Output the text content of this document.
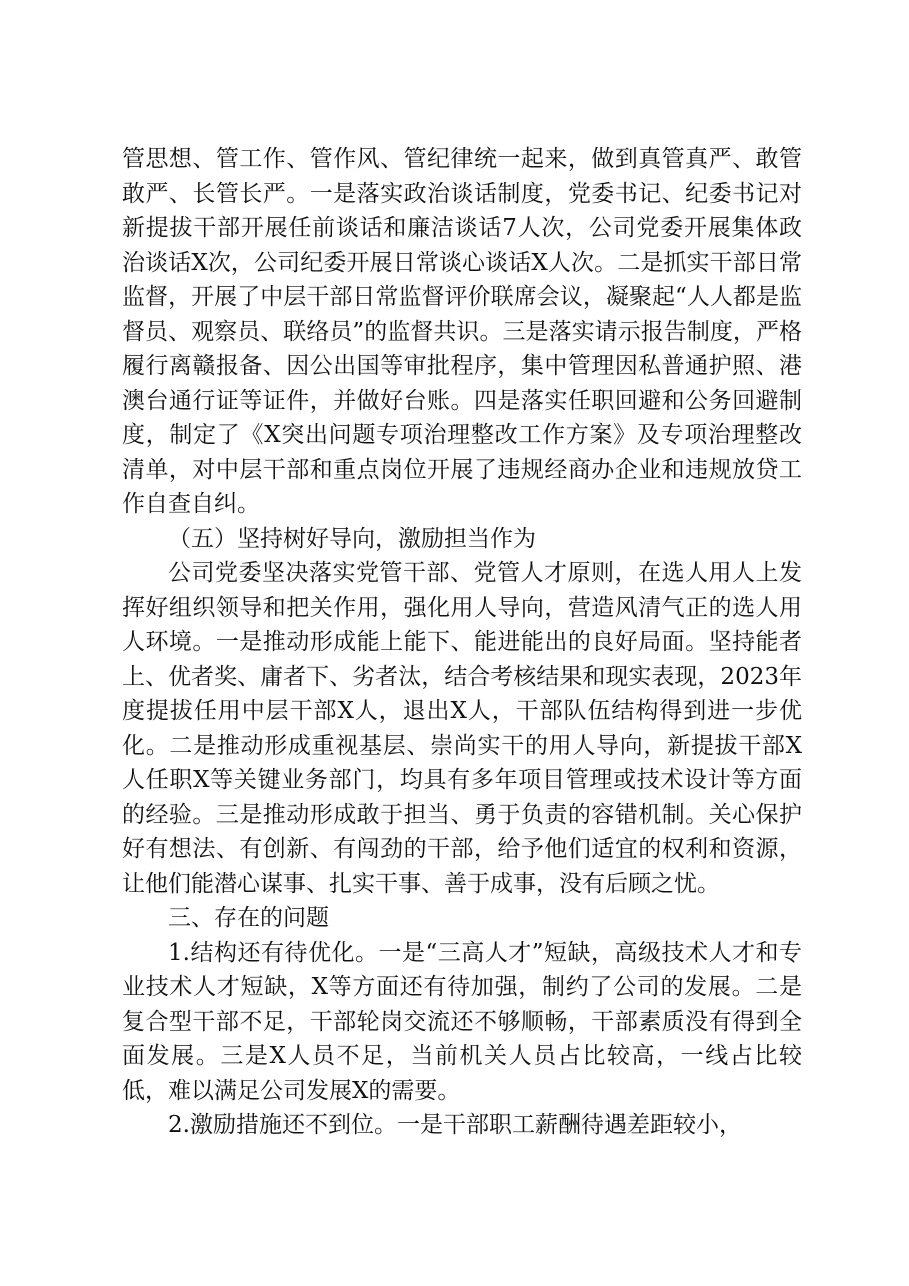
管思想、管工作、管作风、管纪律统一起来，做到真管真严、敢管敢严、长管长严。一是落实政治谈话制度，党委书记、纪委书记对新提拔干部开展任前谈话和廉洁谈话7人次，公司党委开展集体政治谈话X次，公司纪委开展日常谈心谈话X人次。二是抓实干部日常监督，开展了中层干部日常监督评价联席会议，凝聚起“人人都是监督员、观察员、联络员”的监督共识。三是落实请示报告制度，严格履行离赣报备、因公出国等审批程序，集中管理因私普通护照、港澳台通行证等证件，并做好台账。四是落实任职回避和公务回避制度，制定了《X突出问题专项治理整改工作方案》及专项治理整改清单，对中层干部和重点岗位开展了违规经商办企业和违规放贷工作自查自纠。

（五）坚持树好导向，激励担当作为

公司党委坚决落实党管干部、党管人才原则，在选人用人上发挥好组织领导和把关作用，强化用人导向，营造风清气正的选人用人环境。一是推动形成能上能下、能进能出的良好局面。坚持能者上、优者奖、庸者下、劣者汰，结合考核结果和现实表现，2023年度提拔任用中层干部X人，退出X人，干部队伍结构得到进一步优化。二是推动形成重视基层、崇尚实干的用人导向，新提拔干部X人任职X等关键业务部门，均具有多年项目管理或技术设计等方面的经验。三是推动形成敢于担当、勇于负责的容错机制。关心保护好有想法、有创新、有闯劲的干部，给予他们适宜的权利和资源，让他们能潜心谋事、扎实干事、善于成事，没有后顾之忧。

三、存在的问题

1.结构还有待优化。一是“三高人才”短缺，高级技术人才和专业技术人才短缺，X等方面还有待加强，制约了公司的发展。二是复合型干部不足，干部轮岗交流还不够顺畅，干部素质没有得到全面发展。三是X人员不足，当前机关人员占比较高，一线占比较低，难以满足公司发展X的需要。

2.激励措施还不到位。一是干部职工薪酬待遇差距较小，
